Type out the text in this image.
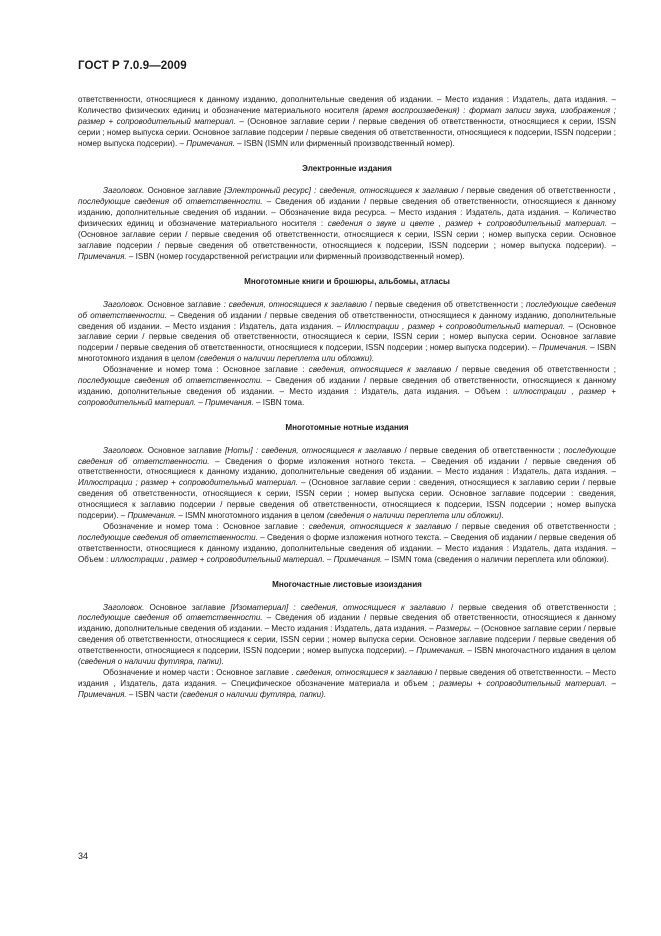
ГОСТ Р 7.0.9—2009

ответственности, относящиеся к данному изданию, дополнительные сведения об издании. – Место издания : Издатель, дата издания. – Количество физических единиц и обозначение материального носителя (время воспроизведения) : формат записи звука, изображения ; размер + сопроводительный материал. – (Основное заглавие серии / первые сведения об ответственности, относящиеся к серии, ISSN серии ; номер выпуска серии. Основное заглавие подсерии / первые сведения об ответственности, относящиеся к подсерии, ISSN подсерии ; номер выпуска подсерии). – Примечания. – ISBN (ISMN или фирменный производственный номер).

Электронные издания

Заголовок. Основное заглавие [Электронный ресурс] : сведения, относящиеся к заглавию / первые сведения об ответственности , последующие сведения об ответственности. – Сведения об издании / первые сведения об ответственности, относящиеся к данному изданию, дополнительные сведения об издании. – Обозначение вида ресурса. – Место издания : Издатель, дата издания. – Количество физических единиц и обозначение материального носителя : сведения о звуке и цвете , размер + сопроводительный материал. – (Основное заглавие серии / первые сведения об ответственности, относящиеся к серии, ISSN серии ; номер выпуска серии. Основное заглавие подсерии / первые сведения об ответственности, относящиеся к подсерии, ISSN подсерии ; номер выпуска подсерии). – Примечания. – ISBN (номер государственной регистрации или фирменный производственный номер).

Многотомные книги и брошюры, альбомы, атласы

Заголовок. Основное заглавие : сведения, относящиеся к заглавию / первые сведения об ответственности ; последующие сведения об ответственности. – Сведения об издании / первые сведения об ответственности, относящиеся к данному изданию, дополнительные сведения об издании. – Место издания : Издатель, дата издания. – Иллюстрации , размер + сопроводительный материал. – (Основное заглавие серии / первые сведения об ответственности, относящиеся к серии, ISSN серии ; номер выпуска серии. Основное заглавие подсерии / первые сведения об ответственности, относящиеся к подсерии, ISSN подсерии ; номер выпуска подсерии). – Примечания. – ISBN многотомного издания в целом (сведения о наличии переплета или обложки).

Обозначение и номер тома : Основное заглавие : сведения, относящиеся к заглавию / первые сведения об ответственности ; последующие сведения об ответственности. – Сведения об издании / первые сведения об ответственности, относящиеся к данному изданию, дополнительные сведения об издании. – Место издания : Издатель, дата издания. – Объем : иллюстрации , размер + сопроводительный материал. – Примечания. – ISBN тома.

Многотомные нотные издания

Заголовок. Основное заглавие [Ноты] : сведения, относящиеся к заглавию / первые сведения об ответственности ; последующие сведения об ответственности. – Сведения о форме изложения нотного текста. – Сведения об издании / первые сведения об ответственности, относящиеся к данному изданию, дополнительные сведения об издании. – Место издания : Издатель, дата издания. – Иллюстрации ; размер + сопроводительный материал. – (Основное заглавие серии : сведения, относящиеся к заглавию серии / первые сведения об ответственности, относящиеся к серии, ISSN серии ; номер выпуска серии. Основное заглавие подсерии : сведения, относящиеся к заглавию подсерии / первые сведения об ответственности, относящиеся к подсерии, ISSN подсерии ; номер выпуска подсерии). – Примечания. – ISMN многотомного издания в целом (сведения о наличии переплета или обложки).

Обозначение и номер тома : Основное заглавие : сведения, относящиеся к заглавию / первые сведения об ответственности ; последующие сведения об ответственности. – Сведения о форме изложения нотного текста. – Сведения об издании / первые сведения об ответственности, относящиеся к данному изданию, дополнительные сведения об издании. – Место издания : Издатель, дата издания. – Объем : иллюстрации , размер + сопроводительный материал. – Примечания. – ISMN тома (сведения о наличии переплета или обложки).

Многочастные листовые изоиздания

Заголовок. Основное заглавие [Изоматериал] : сведения, относящиеся к заглавию / первые сведения об ответственности ; последующие сведения об ответственности. – Сведения об издании / первые сведения об ответственности, относящиеся к данному изданию, дополнительные сведения об издании. – Место издания : Издатель, дата издания. – Размеры. – (Основное заглавие серии / первые сведения об ответственности, относящиеся к серии, ISSN серии ; номер выпуска серии. Основное заглавие подсерии / первые сведения об ответственности, относящиеся к подсерии, ISSN подсерии ; номер выпуска подсерии). – Примечания. – ISBN многочастного издания в целом (сведения о наличии футляра, папки).

Обозначение и номер части : Основное заглавие . сведения, относящиеся к заглавию / первые сведения об ответственности. – Место издания , Издатель, дата издания. – Специфическое обозначение материала и объем ; размеры + сопроводительный материал. – Примечания. – ISBN части (сведения о наличии футляра, папки).

34
